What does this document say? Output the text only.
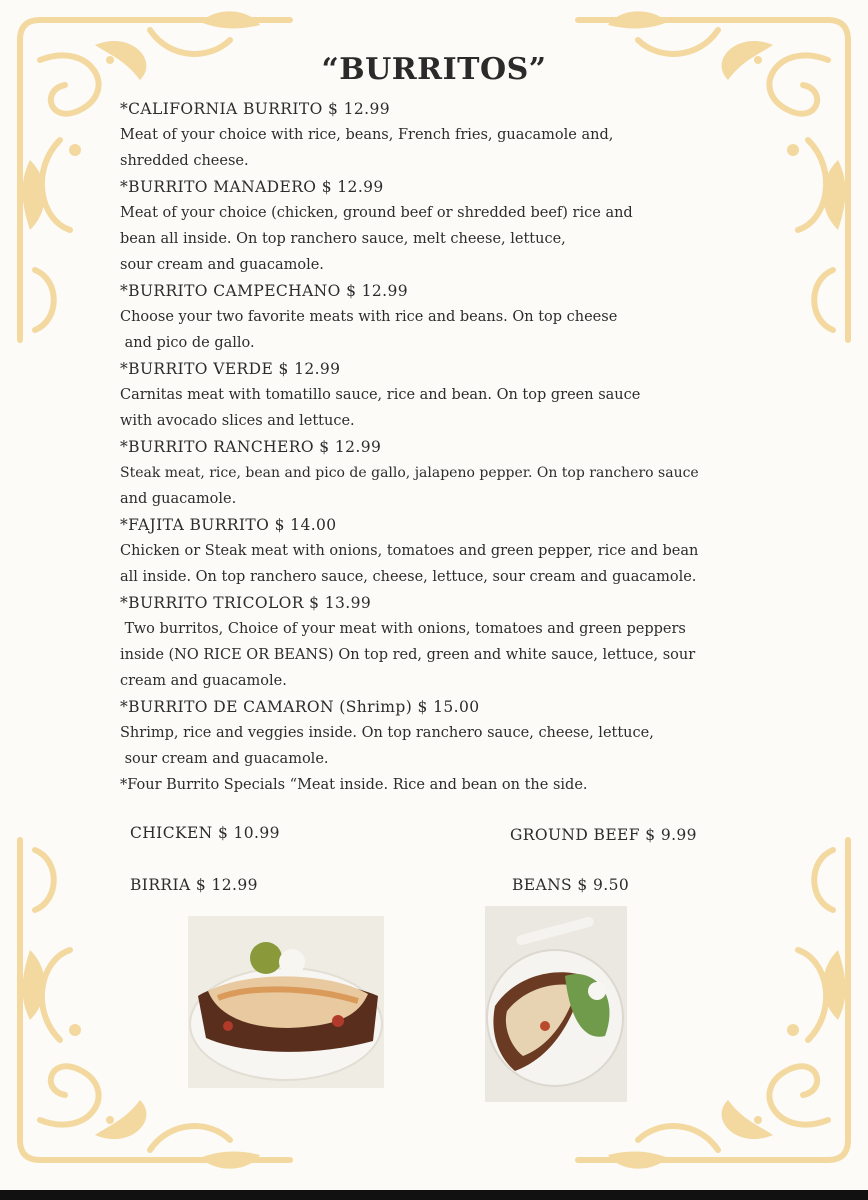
“BURRITOS”
*CALIFORNIA BURRITO $ 12.99
Meat of your choice with rice, beans, French fries, guacamole and,
shredded cheese.
*BURRITO MANADERO $ 12.99
Meat of your choice (chicken, ground beef or shredded beef) rice and
bean all inside. On top ranchero sauce, melt cheese, lettuce,
sour cream and guacamole.
*BURRITO CAMPECHANO $ 12.99
Choose your two favorite meats with rice and beans. On top cheese
and pico de gallo.
*BURRITO VERDE $ 12.99
Carnitas meat with tomatillo sauce, rice and bean. On top green sauce
with avocado slices and lettuce.
*BURRITO RANCHERO $ 12.99
Steak meat, rice, bean and pico de gallo, jalapeno pepper. On top ranchero sauce
and guacamole.
*FAJITA BURRITO $ 14.00
Chicken or Steak meat with onions, tomatoes and green pepper, rice and bean
all inside. On top ranchero sauce, cheese, lettuce, sour cream and guacamole.
*BURRITO TRICOLOR $ 13.99
Two burritos, Choice of your meat with onions, tomatoes and green peppers
inside (NO RICE OR BEANS) On top red, green and white sauce, lettuce, sour
cream and guacamole.
*BURRITO DE CAMARON (Shrimp) $ 15.00
Shrimp, rice and veggies inside. On top ranchero sauce, cheese, lettuce,
sour cream and guacamole.
*Four Burrito Specials “Meat inside. Rice and bean on the side.
CHICKEN $ 10.99	GROUND BEEF $ 9.99
BIRRIA $ 12.99	BEANS $ 9.50
